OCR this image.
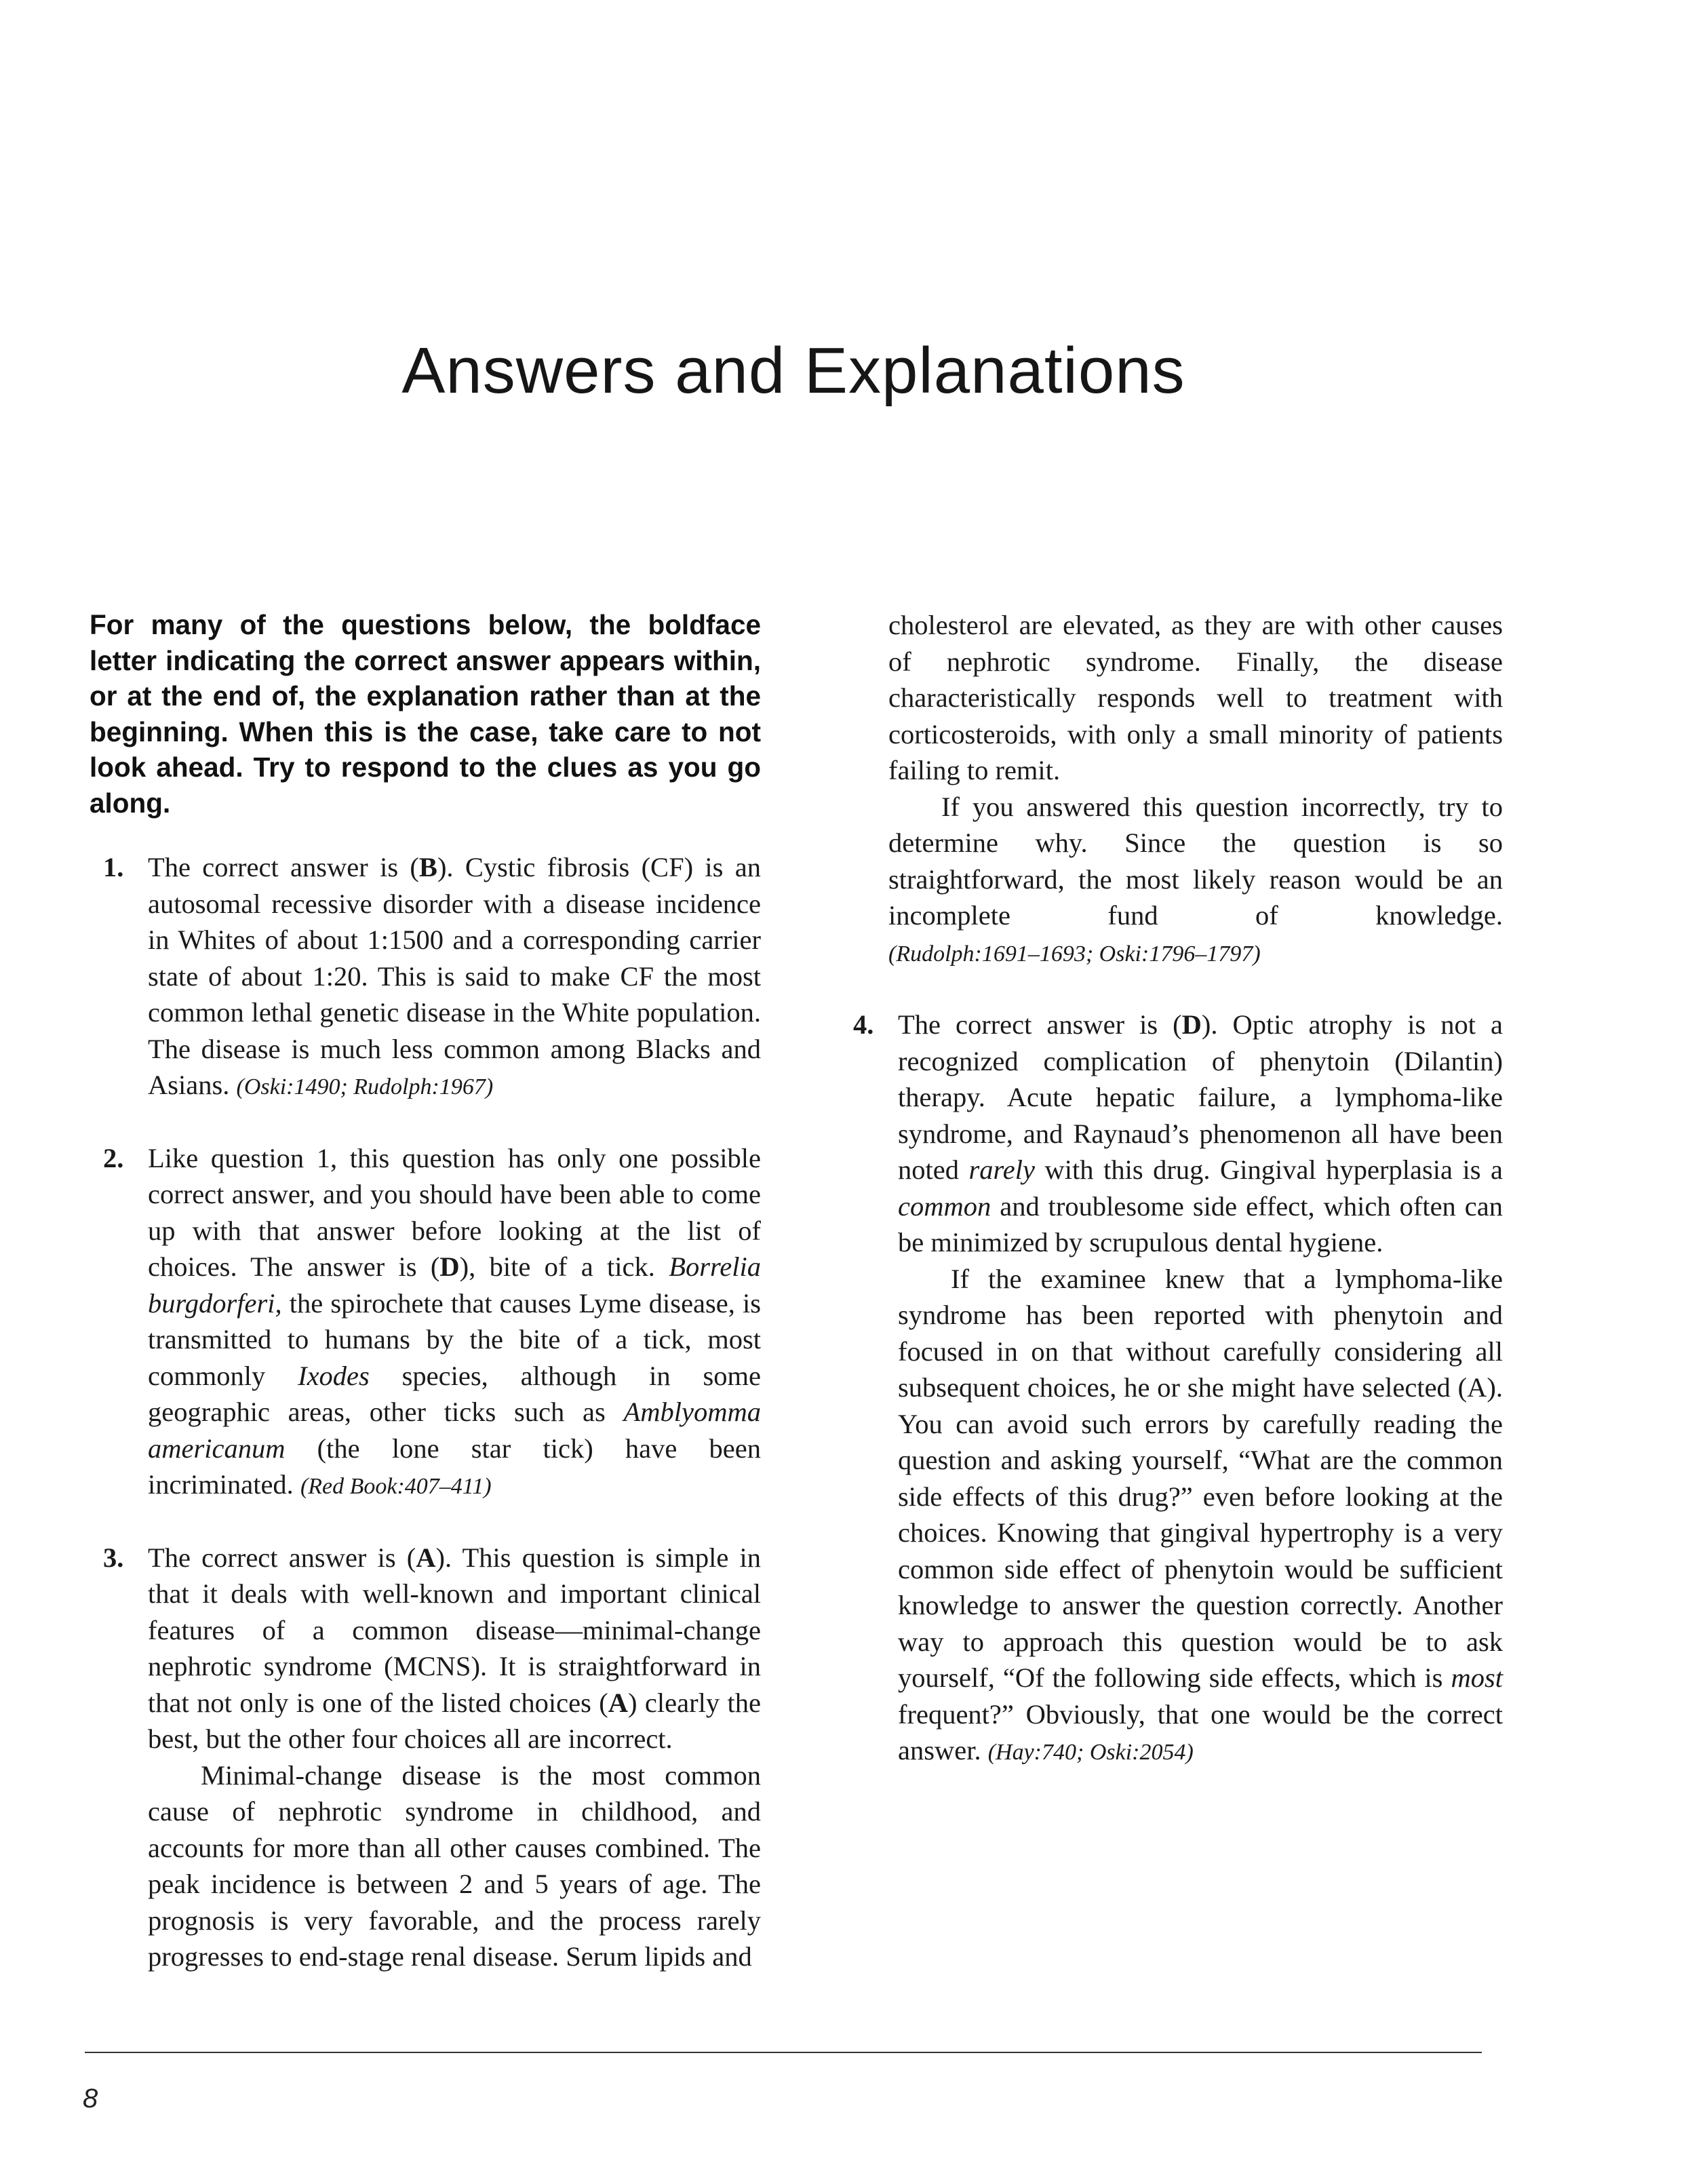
Answers and Explanations

For many of the questions below, the boldface letter indicating the correct answer appears within, or at the end of, the explanation rather than at the beginning. When this is the case, take care to not look ahead. Try to respond to the clues as you go along.

1. The correct answer is (B). Cystic fibrosis (CF) is an autosomal recessive disorder with a disease incidence in Whites of about 1:1500 and a corresponding carrier state of about 1:20. This is said to make CF the most common lethal genetic disease in the White population. The disease is much less common among Blacks and Asians. (Oski:1490; Rudolph:1967)

2. Like question 1, this question has only one possible correct answer, and you should have been able to come up with that answer before looking at the list of choices. The answer is (D), bite of a tick. Borrelia burgdorferi, the spirochete that causes Lyme disease, is transmitted to humans by the bite of a tick, most commonly Ixodes species, although in some geographic areas, other ticks such as Amblyomma americanum (the lone star tick) have been incriminated. (Red Book:407–411)

3. The correct answer is (A). This question is simple in that it deals with well-known and important clinical features of a common disease—minimal-change nephrotic syndrome (MCNS). It is straightforward in that not only is one of the listed choices (A) clearly the best, but the other four choices all are incorrect.

Minimal-change disease is the most common cause of nephrotic syndrome in childhood, and accounts for more than all other causes combined. The peak incidence is between 2 and 5 years of age. The prognosis is very favorable, and the process rarely progresses to end-stage renal disease. Serum lipids and

cholesterol are elevated, as they are with other causes of nephrotic syndrome. Finally, the disease characteristically responds well to treatment with corticosteroids, with only a small minority of patients failing to remit.

If you answered this question incorrectly, try to determine why. Since the question is so straightforward, the most likely reason would be an incomplete fund of knowledge. (Rudolph:1691–1693; Oski:1796–1797)

4. The correct answer is (D). Optic atrophy is not a recognized complication of phenytoin (Dilantin) therapy. Acute hepatic failure, a lymphoma-like syndrome, and Raynaud’s phenomenon all have been noted rarely with this drug. Gingival hyperplasia is a common and troublesome side effect, which often can be minimized by scrupulous dental hygiene.

If the examinee knew that a lymphoma-like syndrome has been reported with phenytoin and focused in on that without carefully considering all subsequent choices, he or she might have selected (A). You can avoid such errors by carefully reading the question and asking yourself, “What are the common side effects of this drug?” even before looking at the choices. Knowing that gingival hypertrophy is a very common side effect of phenytoin would be sufficient knowledge to answer the question correctly. Another way to approach this question would be to ask yourself, “Of the following side effects, which is most frequent?” Obviously, that one would be the correct answer. (Hay:740; Oski:2054)

8
